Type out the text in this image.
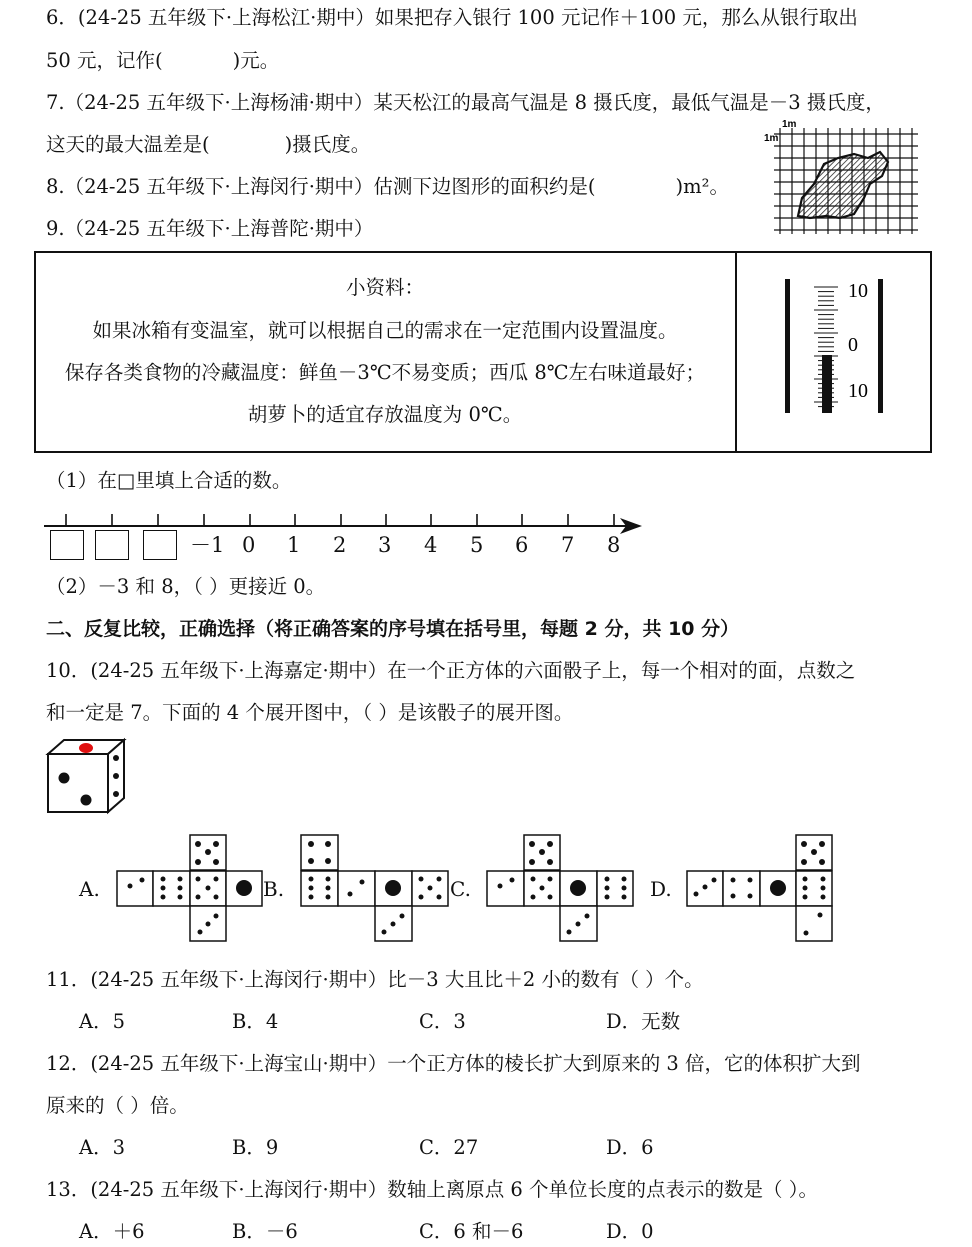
6．(24-25 五年级下·上海松江·期中）如果把存入银行 100 元记作＋100 元，那么从银行取出
50 元，记作(	)元。
7.（24-25 五年级下·上海杨浦·期中）某天松江的最高气温是 8 摄氏度，最低气温是－3 摄氏度，
这天的最大温差是(	)摄氏度。
8.（24-25 五年级下·上海闵行·期中）估测下边图形的面积约是(	)m²。
1m
1m
9.（24-25 五年级下·上海普陀·期中）
小资料：
如果冰箱有变温室，就可以根据自己的需求在一定范围内设置温度。
保存各类食物的冷藏温度：鲜鱼－3℃不易变质；西瓜 8℃左右味道最好；
胡萝卜的适宜存放温度为 0℃。
10
0
10
（1）在□里填上合适的数。
－1 0 1 2 3 4 5 6 7 8
（2）－3 和 8，（ ）更接近 0。
二、反复比较，正确选择（将正确答案的序号填在括号里，每题 2 分，共 10 分）
10．(24-25 五年级下·上海嘉定·期中）在一个正方体的六面骰子上，每一个相对的面，点数之
和一定是 7。下面的 4 个展开图中，（ ）是该骰子的展开图。
A.	B.	C.	D.
11．(24-25 五年级下·上海闵行·期中）比－3 大且比＋2 小的数有（ ）个。
A．5	B．4	C．3	D．无数
12．(24-25 五年级下·上海宝山·期中）一个正方体的棱长扩大到原来的 3 倍，它的体积扩大到
原来的（ ）倍。
A．3	B．9	C．27	D．6
13．(24-25 五年级下·上海闵行·期中）数轴上离原点 6 个单位长度的点表示的数是（ ）。
A．＋6	B．－6	C．6 和－6	D．0
